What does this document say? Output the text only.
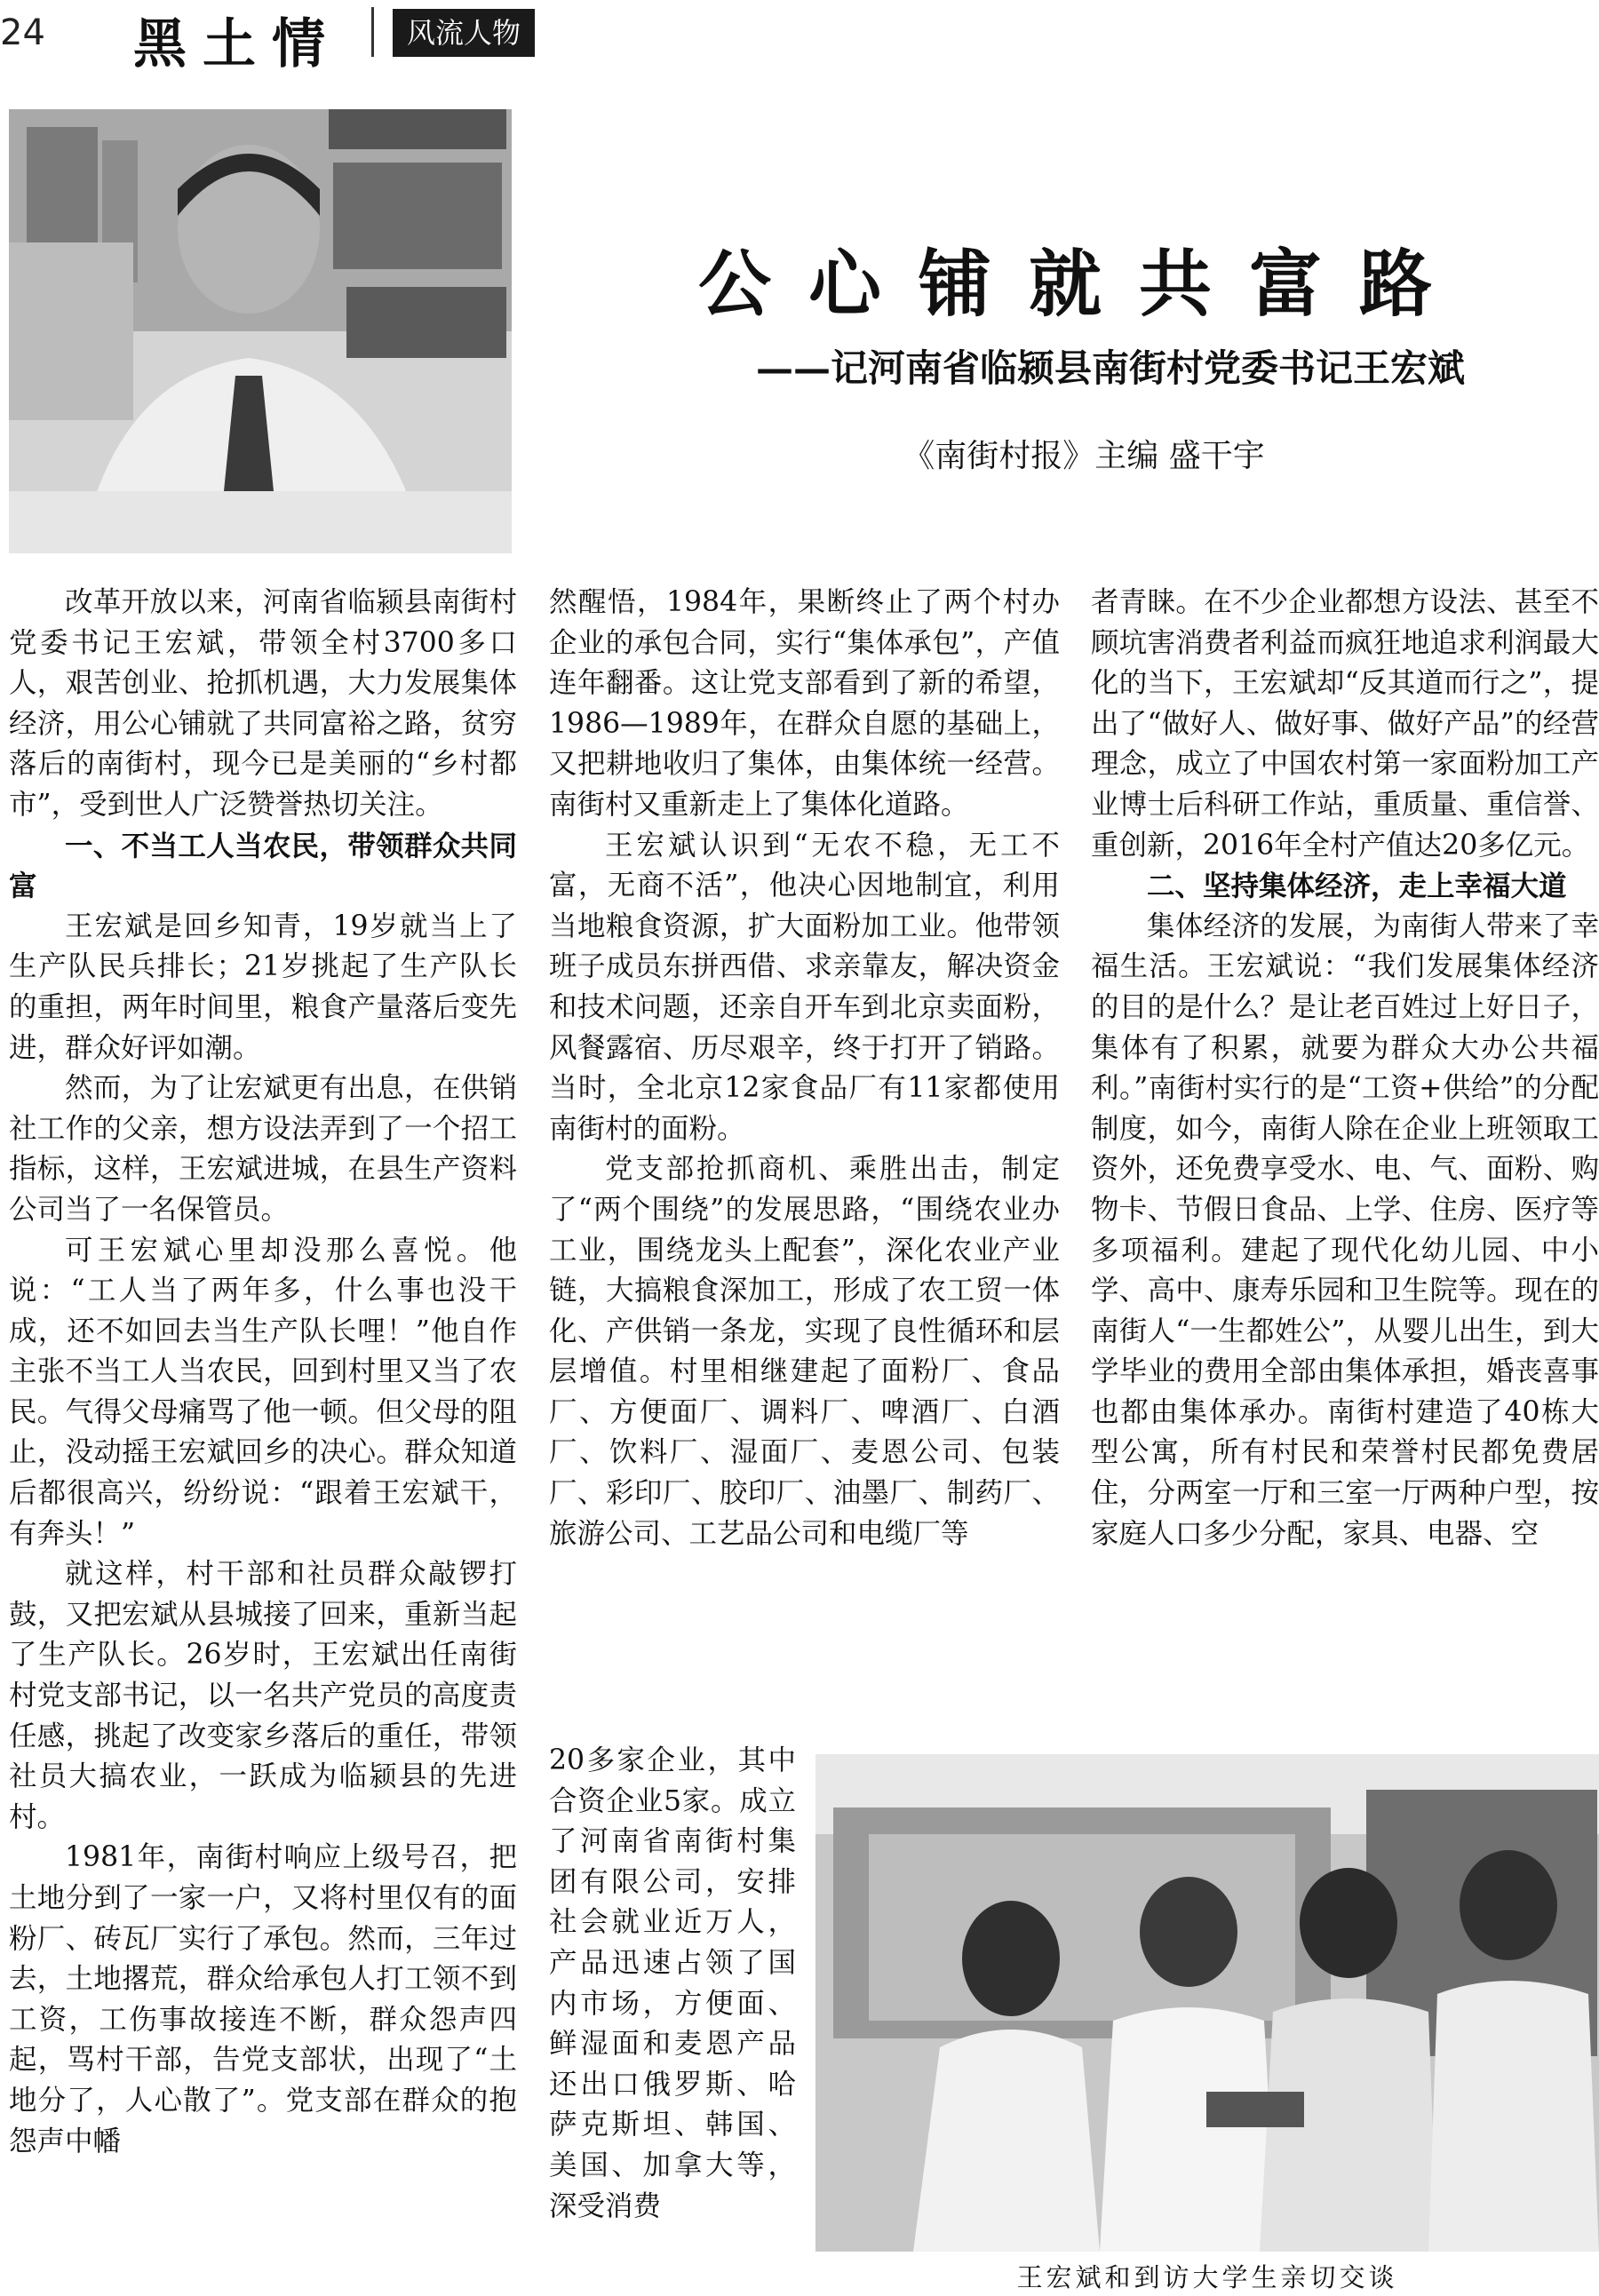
24 黑土情	风流人物
公心铺就共富路
——记河南省临颍县南街村党委书记王宏斌
《南街村报》主编 盛干宇

改革开放以来，河南省临颍县南街村党委书记王宏斌，带领全村3700多口人，艰苦创业、抢抓机遇，大力发展集体经济，用公心铺就了共同富裕之路，贫穷落后的南街村，现今已是美丽的“乡村都市”，受到世人广泛赞誉热切关注。

一、不当工人当农民，带领群众共同富

王宏斌是回乡知青，19岁就当上了生产队民兵排长；21岁挑起了生产队长的重担，两年时间里，粮食产量落后变先进，群众好评如潮。

然而，为了让宏斌更有出息，在供销社工作的父亲，想方设法弄到了一个招工指标，这样，王宏斌进城，在县生产资料公司当了一名保管员。

可王宏斌心里却没那么喜悦。他说：“工人当了两年多，什么事也没干成，还不如回去当生产队长哩！”他自作主张不当工人当农民，回到村里又当了农民。气得父母痛骂了他一顿。但父母的阻止，没动摇王宏斌回乡的决心。群众知道后都很高兴，纷纷说：“跟着王宏斌干，有奔头！”

就这样，村干部和社员群众敲锣打鼓，又把宏斌从县城接了回来，重新当起了生产队长。26岁时，王宏斌出任南街村党支部书记，以一名共产党员的高度责任感，挑起了改变家乡落后的重任，带领社员大搞农业，一跃成为临颍县的先进村。

1981年，南街村响应上级号召，把土地分到了一家一户，又将村里仅有的面粉厂、砖瓦厂实行了承包。然而，三年过去，土地撂荒，群众给承包人打工领不到工资，工伤事故接连不断，群众怨声四起，骂村干部，告党支部状，出现了“土地分了，人心散了”。党支部在群众的抱怨声中幡

然醒悟，1984年，果断终止了两个村办企业的承包合同，实行“集体承包”，产值连年翻番。这让党支部看到了新的希望，1986—1989年，在群众自愿的基础上，又把耕地收归了集体，由集体统一经营。南街村又重新走上了集体化道路。

王宏斌认识到“无农不稳，无工不富，无商不活”，他决心因地制宜，利用当地粮食资源，扩大面粉加工业。他带领班子成员东拼西借、求亲靠友，解决资金和技术问题，还亲自开车到北京卖面粉，风餐露宿、历尽艰辛，终于打开了销路。当时，全北京12家食品厂有11家都使用南街村的面粉。

党支部抢抓商机、乘胜出击，制定了“两个围绕”的发展思路，“围绕农业办工业，围绕龙头上配套”，深化农业产业链，大搞粮食深加工，形成了农工贸一体化、产供销一条龙，实现了良性循环和层层增值。村里相继建起了面粉厂、食品厂、方便面厂、调料厂、啤酒厂、白酒厂、饮料厂、湿面厂、麦恩公司、包装厂、彩印厂、胶印厂、油墨厂、制药厂、旅游公司、工艺品公司和电缆厂等

20多家企业，其中合资企业5家。成立了河南省南街村集团有限公司，安排社会就业近万人，产品迅速占领了国内市场，方便面、鲜湿面和麦恩产品还出口俄罗斯、哈萨克斯坦、韩国、美国、加拿大等，深受消费

者青睐。在不少企业都想方设法、甚至不顾坑害消费者利益而疯狂地追求利润最大化的当下，王宏斌却“反其道而行之”，提出了“做好人、做好事、做好产品”的经营理念，成立了中国农村第一家面粉加工产业博士后科研工作站，重质量、重信誉、重创新，2016年全村产值达20多亿元。

二、坚持集体经济，走上幸福大道

集体经济的发展，为南街人带来了幸福生活。王宏斌说：“我们发展集体经济的目的是什么？是让老百姓过上好日子，集体有了积累，就要为群众大办公共福利。”南街村实行的是“工资+供给”的分配制度，如今，南街人除在企业上班领取工资外，还免费享受水、电、气、面粉、购物卡、节假日食品、上学、住房、医疗等多项福利。建起了现代化幼儿园、中小学、高中、康寿乐园和卫生院等。现在的南街人“一生都姓公”，从婴儿出生，到大学毕业的费用全部由集体承担，婚丧喜事也都由集体承办。南街村建造了40栋大型公寓，所有村民和荣誉村民都免费居住，分两室一厅和三室一厅两种户型，按家庭人口多少分配，家具、电器、空

王宏斌和到访大学生亲切交谈
